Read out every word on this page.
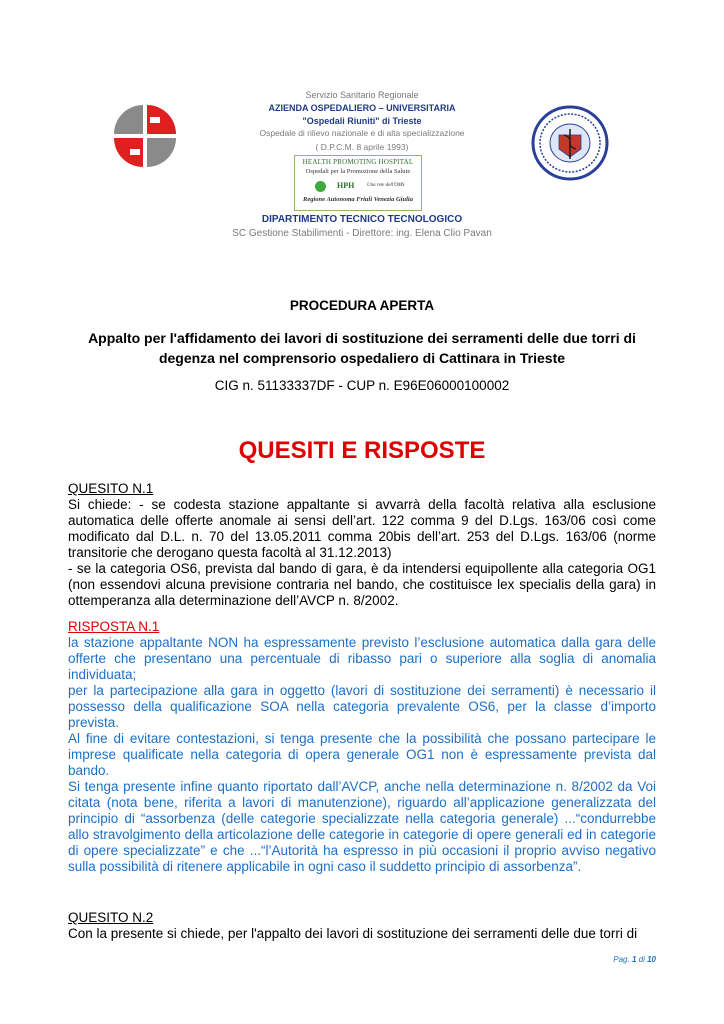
Servizio Sanitario Regionale
AZIENDA OSPEDALIERO – UNIVERSITARIA
"Ospedali Riuniti" di Trieste
Ospedale di rilievo nazionale e di alta specializzazione
( D.P.C.M. 8 aprile 1993)
HEALTH PROMOTING HOSPITAL
Ospedali per la Promozione della Salute
HPH	Una rete dell'OMS
Regione Autonoma Friuli Venezia Giulia
DIPARTIMENTO TECNICO TECNOLOGICO
SC Gestione Stabilimenti - Direttore: ing. Elena Clio Pavan
PROCEDURA APERTA
Appalto per l'affidamento dei lavori di sostituzione dei serramenti delle due torri di degenza nel comprensorio ospedaliero di Cattinara in Trieste
CIG n. 51133337DF - CUP n. E96E06000100002
QUESITI E RISPOSTE
QUESITO N.1
Si chiede: - se codesta stazione appaltante si avvarrà della facoltà relativa alla esclusione automatica delle offerte anomale ai sensi dell’art. 122 comma 9 del D.Lgs. 163/06 così come modificato dal D.L. n. 70 del 13.05.2011 comma 20bis dell’art. 253 del D.Lgs. 163/06 (norme transitorie che derogano questa facoltà al 31.12.2013)
- se la categoria OS6, prevista dal bando di gara, è da intendersi equipollente alla categoria OG1 (non essendovi alcuna previsione contraria nel bando, che costituisce lex specialis della gara) in ottemperanza alla determinazione dell’AVCP n. 8/2002.
RISPOSTA N.1
la stazione appaltante NON ha espressamente previsto l’esclusione automatica dalla gara delle offerte che presentano una percentuale di ribasso pari o superiore alla soglia di anomalia individuata;
per la partecipazione alla gara in oggetto (lavori di sostituzione dei serramenti) è necessario il possesso della qualificazione SOA nella categoria prevalente OS6, per la classe d’importo prevista.
Al fine di evitare contestazioni, si tenga presente che la possibilità che possano partecipare le imprese qualificate nella categoria di opera generale OG1 non è espressamente prevista dal bando.
Si tenga presente infine quanto riportato dall’AVCP, anche nella determinazione n. 8/2002 da Voi citata (nota bene, riferita a lavori di manutenzione), riguardo all’applicazione generalizzata del principio di “assorbenza (delle categorie specializzate nella categoria generale) ...“condurrebbe allo stravolgimento della articolazione delle categorie in categorie di opere generali ed in categorie di opere specializzate” e che ...“l’Autorità ha espresso in più occasioni il proprio avviso negativo sulla possibilità di ritenere applicabile in ogni caso il suddetto principio di assorbenza”.
QUESITO N.2
Con la presente si chiede, per l'appalto dei lavori di sostituzione dei serramenti delle due torri di
Pag. 1 di 10
